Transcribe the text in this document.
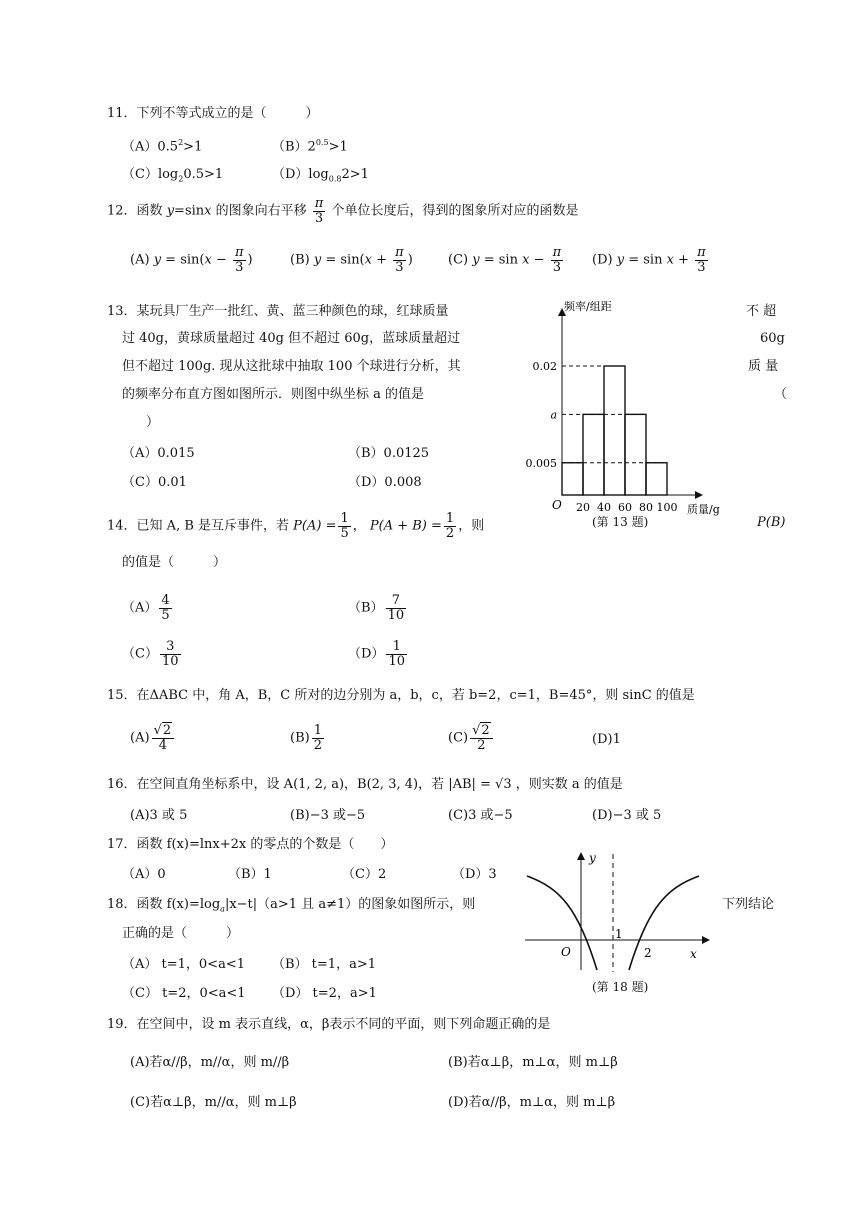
11．下列不等式成立的是（　　　）
$(A)0.5^2>1$	$(B)2^{0.5}>1$
$(C)\log_20.5>1$	$(D)\log_{0.8}2>1$
12．函数 y=sinx 的图象向右平移 $\frac{\pi}{3}$ 个单位长度后，得到的图象所对应的函数是
(A) $y = \sin(x - \frac{\pi}{3}$ )	(B) $y = \sin(x + \frac{\pi}{3}$ )	(C) $y = \sin x - \frac{\pi}{3} (D) y = \sin x + \frac{\pi}{3}$
13．某玩具厂生产一批红、黄、蓝三种颜色的球，红球质量	不 超
过 40g，黄球质量超过 40g 但不超过 60g，蓝球质量超过	60g
但不超过 100g. 现从这批球中抽取 100 个球进行分析，其	质 量
的频率分布直方图如图所示．则图中纵坐标 a 的值是	（
）
（A）0.015	（B）0.0125
（C）0.01	（D）0.008
0.02
a
0.005
20 40 60 80 100
O
频率/组距
质量/g
(第 13 题)
14．已知 A, B 是互斥事件，若 $P(A) = \frac{1}{5}$ ， $P(A + B) = \frac{1}{2}$ ，则	P(B)
的值是（　　　）
$(A) \frac{4}{5}$	$(B) \frac{7}{10}$
$(C) \frac{3}{10}$	$(D) \frac{1}{10}$
15．在ΔABC 中，角 A，B，C 所对的边分别为 a，b，c，若 b=2，c=1，B=45°，则 sinC 的值是
$(A) \frac{√2}{4}$	$(B) \frac{1}{2}$	$(C) \frac{√2}{2}$	(D)1
16．在空间直角坐标系中，设 A(1, 2, a)，B(2, 3, 4)，若 |AB| = √3 ，则实数 a 的值是
(A)3 或 5	(B)−3 或−5	(C)3 或−5	(D)−3 或 5
17．函数 f(x)=lnx+2x 的零点的个数是（　　）
（A）0	（B）1	（C）2	（D）3
18．函数 $f(x)=\log_a|x-t|(a>1$ 且 a≠1）的图象如图所示，则	下列结论
正确的是（　　　）
（A） t=1，0<a<1 （B） t=1，a>1
（C） t=2，0<a<1 （D） t=2，a>1
y
x
O
1
2
(第 18 题)
19．在空间中，设 m 表示直线，α，β表示不同的平面，则下列命题正确的是
(A)若α//β，m//α，则 m//β	(B)若α⊥β，m⊥α，则 m⊥β
(C)若α⊥β，m//α，则 m⊥β	(D)若α//β，m⊥α，则 m⊥β
